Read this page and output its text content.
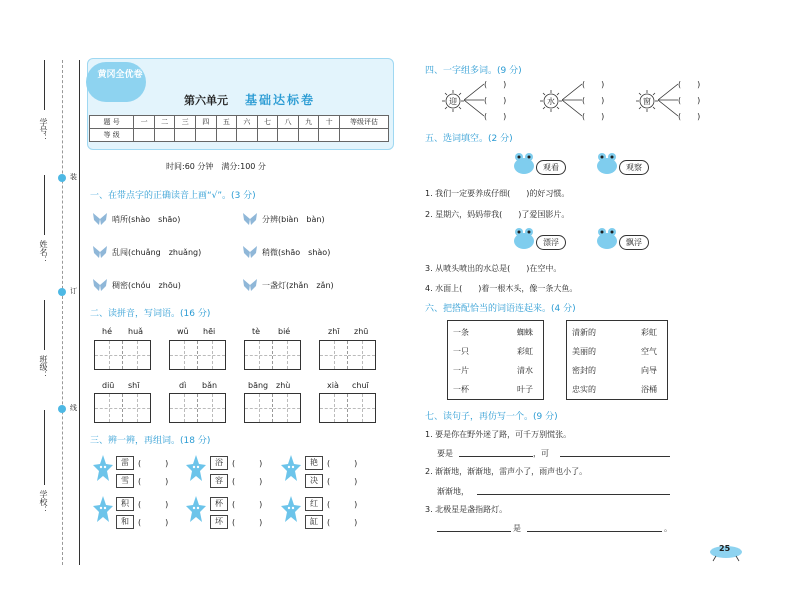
学号：
姓名：
班级：
学校：
装
订
线
黄冈全优卷
第六单元 基础达标卷
题 号	一	二	三	四	五	六	七	八	九	十	等级评估
等 级											
时间:60 分钟　满分:100 分
一、在带点字的正确读音上画“√”。(3 分)
哨所(shào　shāo)	分辨(biàn　bàn)
乱闯(chuǎng　zhuǎng)	稍微(shāo　shào)
稠密(chóu　zhōu)	一盏灯(zhǎn　zǎn)
二、读拼音，写词语。(16 分)
hé huǎ	wǔ hēi	tè bié	zhī zhū
diū shī	dì bǎn	bāng zhù	xià chuī
三、辨一辨，再组词。(18 分)
雷	(　　　)
雪	(　　　)
浴	(　　　)
容	(　　　)
艳	(　　　)
决	(　　　)
积	(　　　)
和	(　　　)
杯	(　　　)
坏	(　　　)
红	(　　　)
缸	(　　　)
四、一字组多词。(9 分)
迎
(　　)
(　　)
(　　)
水
(　　)
(　　)
(　　)
窗
(　　)
(　　)
(　　)
五、选词填空。(2 分)
观看	观察
1. 我们一定要养成仔细(　　)的好习惯。
2. 星期六，妈妈带我(　　)了爱国影片。
漂浮	飘浮
3. 从喷头喷出的水总是(　　)在空中。
4. 水面上(　　)着一根木头，像一条大鱼。
六、把搭配恰当的词语连起来。(4 分)
一条	蜘蛛
一只	彩虹
一片	清水
一杯	叶子
清新的	彩虹
美丽的	空气
密封的	向导
忠实的	浴桶
七、读句子，再仿写一个。(9 分)
1. 要是你在野外迷了路，可千万别慌张。
要是	，可
2. 渐渐地，渐渐地，雷声小了，雨声也小了。
渐渐地，
3. 北极星是盏指路灯。
是	。
25
